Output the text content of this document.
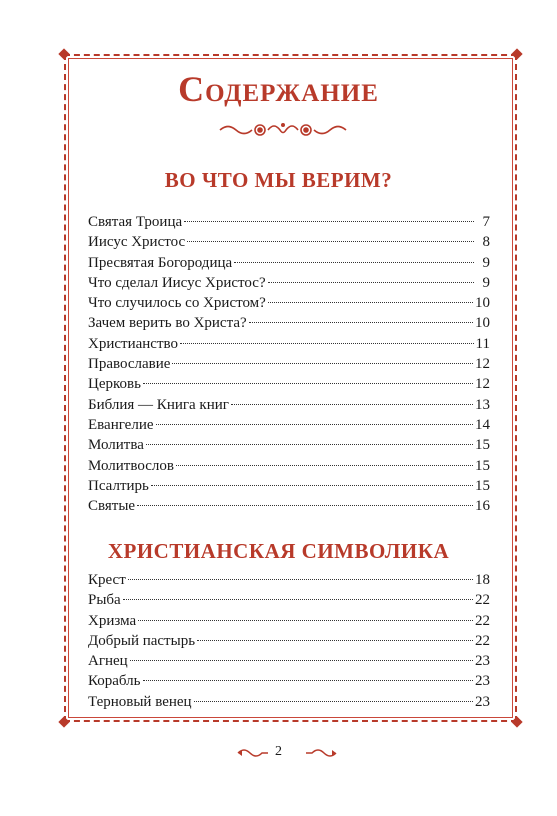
Содержание
ВО ЧТО МЫ ВЕРИМ?
Святая Троица	7
Иисус Христос	8
Пресвятая Богородица	9
Что сделал Иисус Христос?	9
Что случилось со Христом?	10
Зачем верить во Христа?	10
Христианство	11
Православие	12
Церковь	12
Библия — Книга книг	13
Евангелие	14
Молитва	15
Молитвослов	15
Псалтирь	15
Святые	16
ХРИСТИАНСКАЯ СИМВОЛИКА
Крест	18
Рыба	22
Хризма	22
Добрый пастырь	22
Агнец	23
Корабль	23
Терновый венец	23
2
